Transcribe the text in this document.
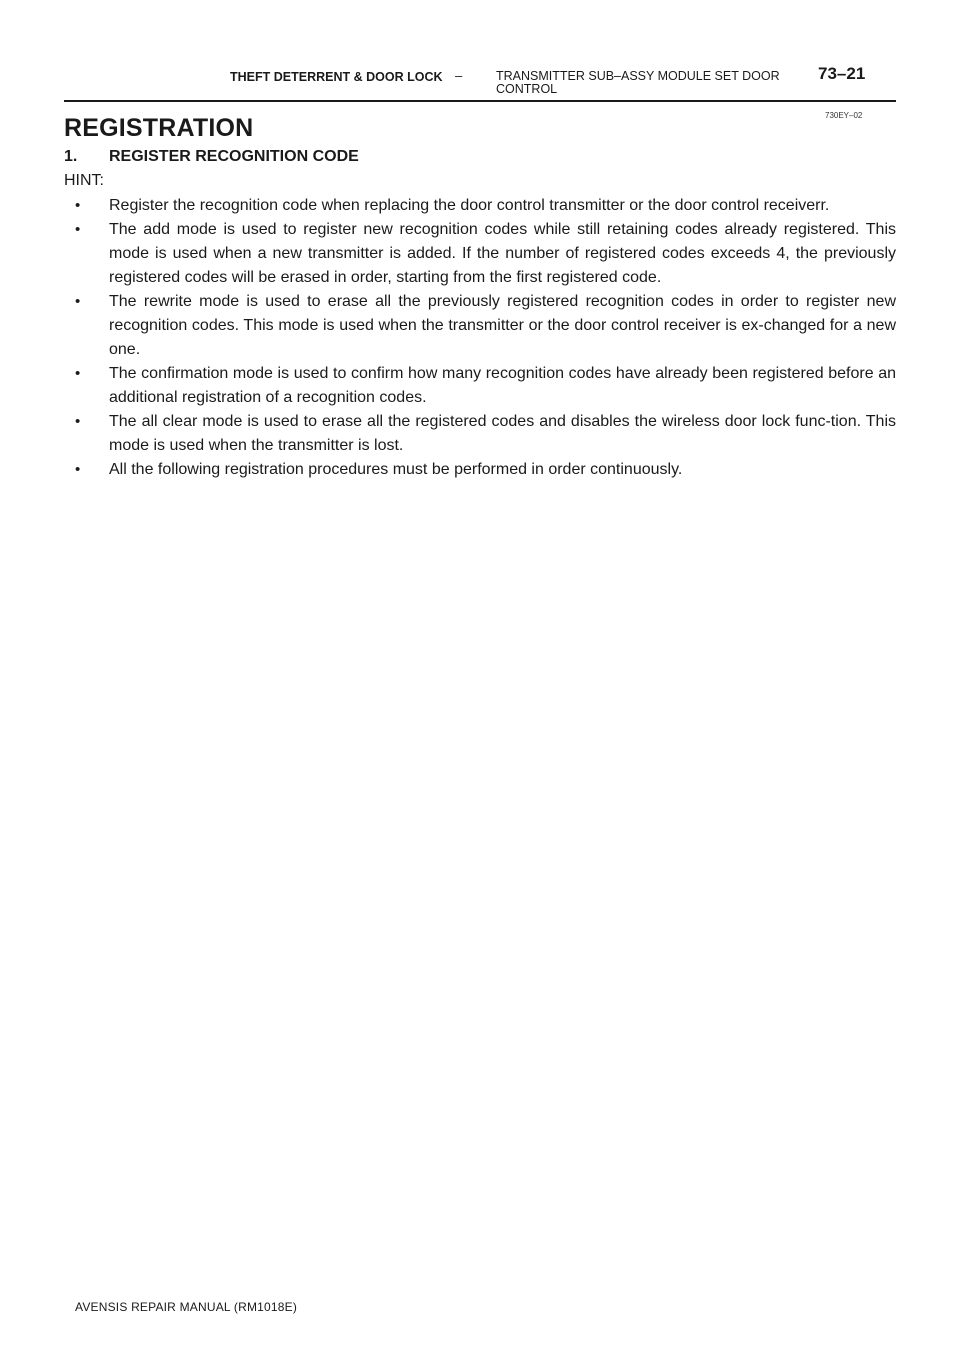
THEFT DETERRENT & DOOR LOCK –	TRANSMITTER SUB–ASSY MODULE SET DOOR CONTROL
73–21
730EY–02
REGISTRATION
1. REGISTER RECOGNITION CODE
HINT:
• Register the recognition code when replacing the door control transmitter or the door control receiverr.
• The add mode is used to register new recognition codes while still retaining codes already registered. This mode is used when a new transmitter is added. If the number of registered codes exceeds 4, the previously registered codes will be erased in order, starting from the first registered code.
• The rewrite mode is used to erase all the previously registered recognition codes in order to register new recognition codes. This mode is used when the transmitter or the door control receiver is ex-changed for a new one.
• The confirmation mode is used to confirm how many recognition codes have already been registered before an additional registration of a recognition codes.
• The all clear mode is used to erase all the registered codes and disables the wireless door lock func-tion. This mode is used when the transmitter is lost.
• All the following registration procedures must be performed in order continuously.
AVENSIS REPAIR MANUAL (RM1018E)
